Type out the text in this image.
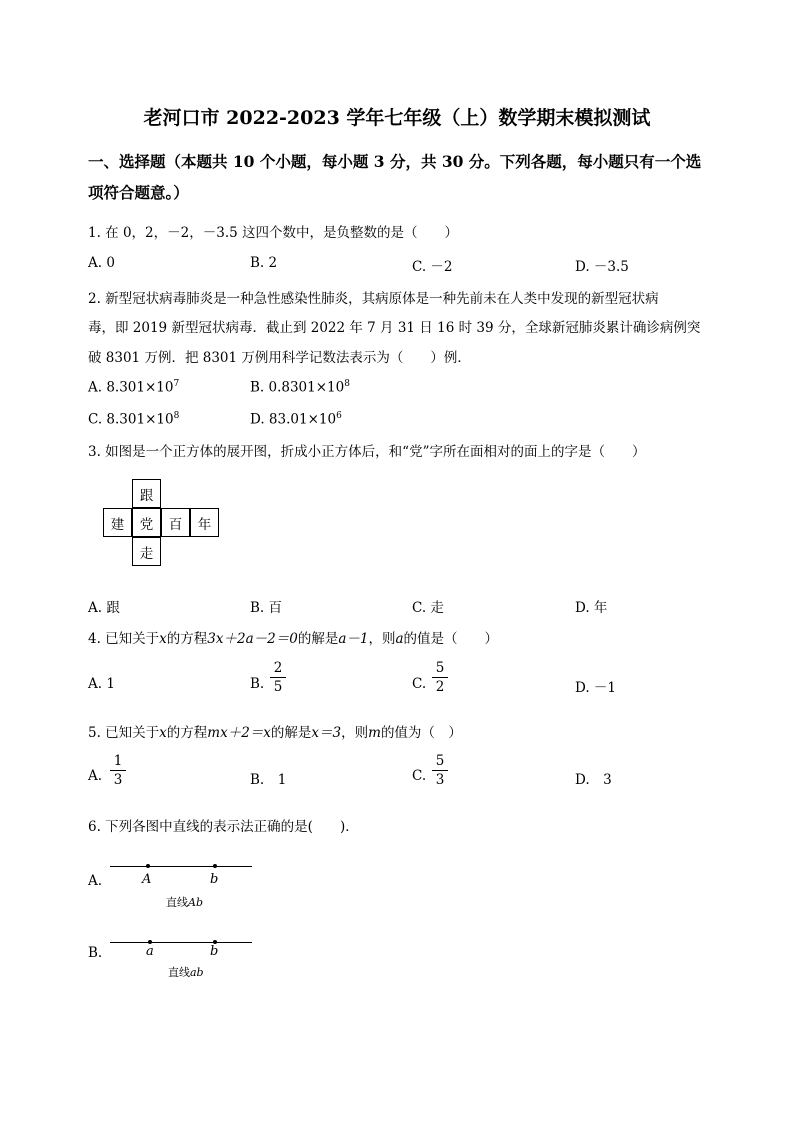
老河口市 2022-2023 学年七年级（上）数学期末模拟测试
一、选择题（本题共 10 个小题，每小题 3 分，共 30 分。下列各题，每小题只有一个选
项符合题意。）
1. 在 0，2，－2，－3.5 这四个数中，是负整数的是（　　）
A. 0	B. 2	C. －2	D. －3.5
2. 新型冠状病毒肺炎是一种急性感染性肺炎，其病原体是一种先前未在人类中发现的新型冠状病
毒，即 2019 新型冠状病毒．截止到 2022 年 7 月 31 日 16 时 39 分，全球新冠肺炎累计确诊病例突
破 8301 万例．把 8301 万例用科学记数法表示为（　　）例．
A. $8.301\times 10^7$	B. $0.8301\times 10^8$
C. $8.301\times 10^8$	D. $83.01\times 10^6$
3. 如图是一个正方体的展开图，折成小正方体后，和“党”字所在面相对的面上的字是（　　）
跟
建	党	百	年
走
A. 跟	B. 百	C. 走	D. 年
4. 已知关于x的方程3x＋2a－2＝0的解是a－1，则a的值是（　　）
A. 1	B.
2
5	C.
5
2	D. －1
5. 已知关于x的方程mx＋2＝x的解是x＝3，则m的值为（　）
A.
1
3	B.　1	C.
5
3	D.　3
6. 下列各图中直线的表示法正确的是(　　)．
A.	A	b
直线Ab
B.	a	b
直线ab
